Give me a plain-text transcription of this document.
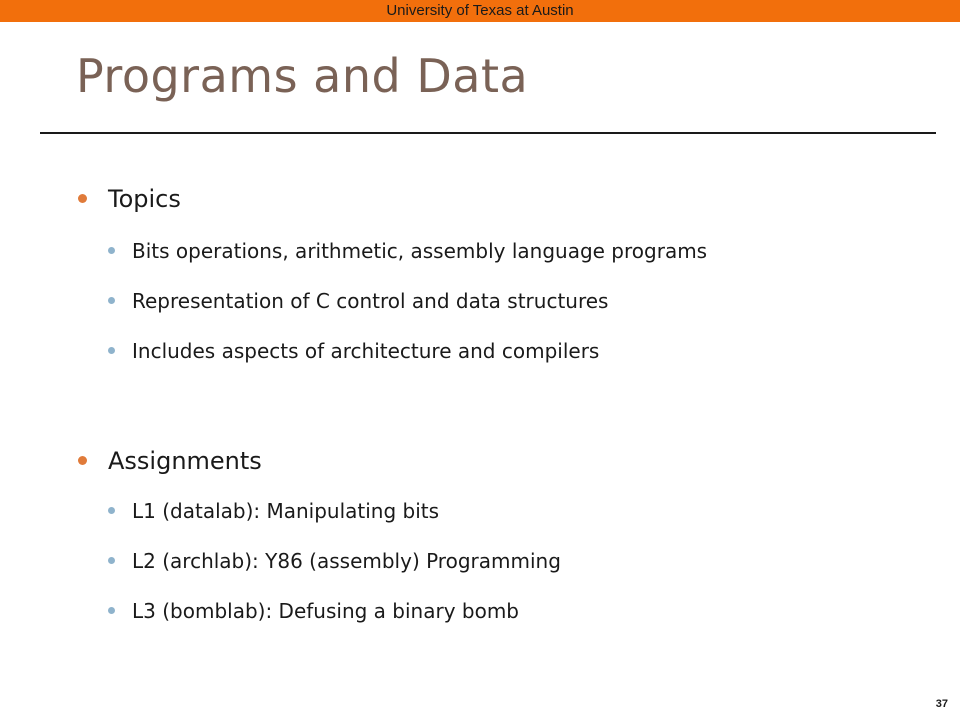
University of Texas at Austin
Programs and Data
Topics
Bits operations, arithmetic, assembly language programs
Representation of C control and data structures
Includes aspects of architecture and compilers
Assignments
L1 (datalab): Manipulating bits
L2 (archlab): Y86 (assembly) Programming
L3 (bomblab): Defusing a binary bomb
37
